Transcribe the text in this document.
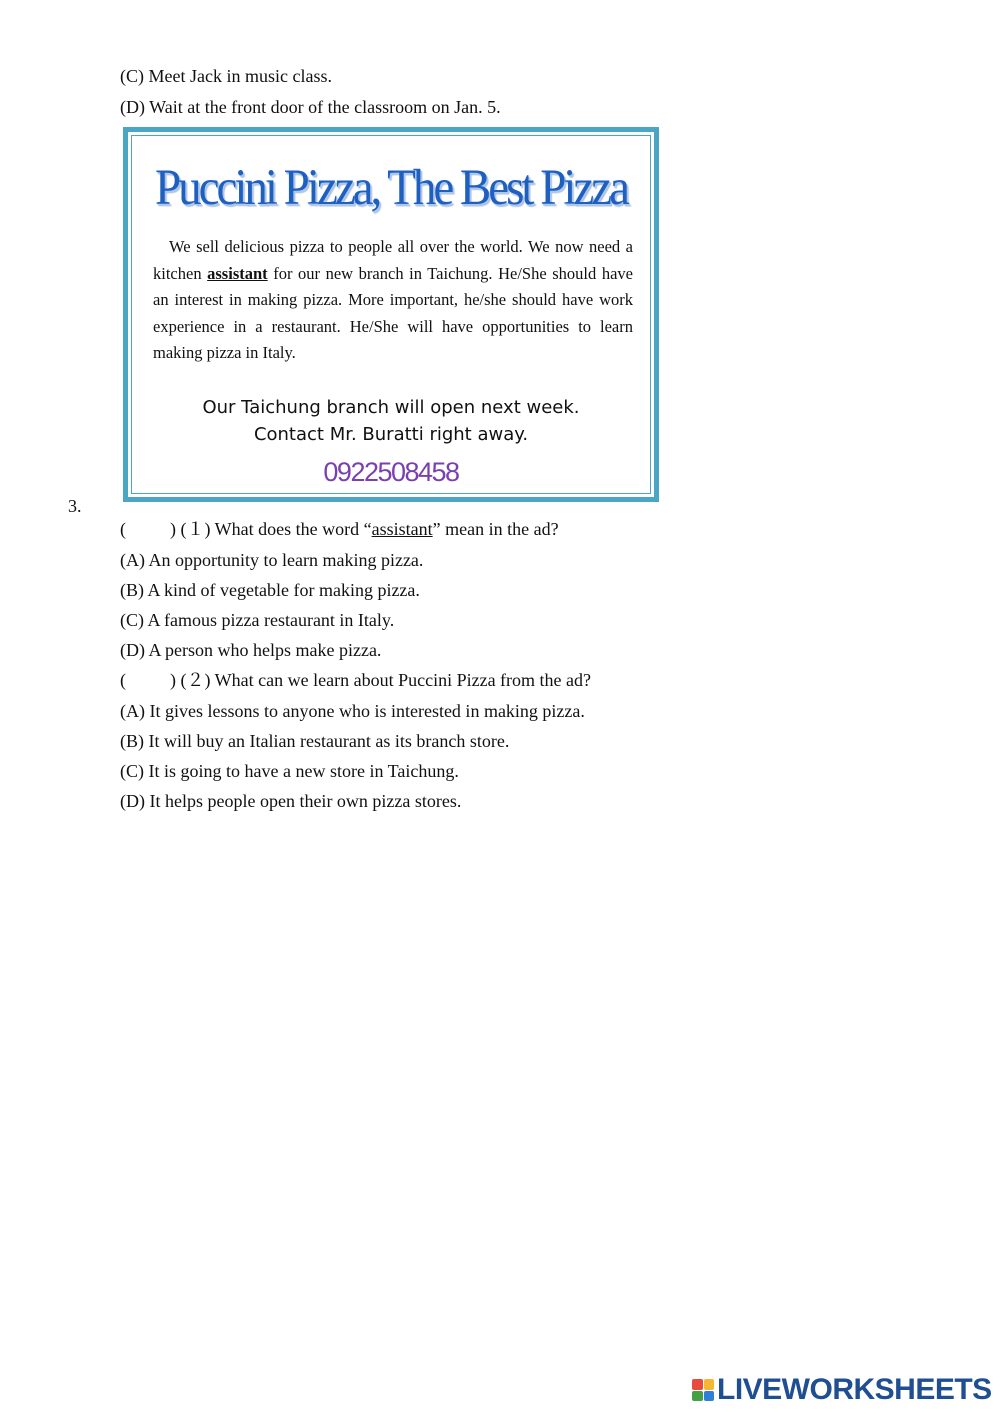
(C) Meet Jack in music class.
(D) Wait at the front door of the classroom on Jan. 5.
Puccini Pizza, The Best Pizza
We sell delicious pizza to people all over the world. We now need a kitchen assistant for our new branch in Taichung. He/She should have an interest in making pizza. More important, he/she should have work experience in a restaurant. He/She will have opportunities to learn making pizza in Italy.
Our Taichung branch will open next week.
Contact Mr. Buratti right away.
0922508458
3.
( ) (１) What does the word “assistant” mean in the ad?
(A) An opportunity to learn making pizza.
(B) A kind of vegetable for making pizza.
(C) A famous pizza restaurant in Italy.
(D) A person who helps make pizza.
( ) (２) What can we learn about Puccini Pizza from the ad?
(A) It gives lessons to anyone who is interested in making pizza.
(B) It will buy an Italian restaurant as its branch store.
(C) It is going to have a new store in Taichung.
(D) It helps people open their own pizza stores.
LIVEWORKSHEETS
